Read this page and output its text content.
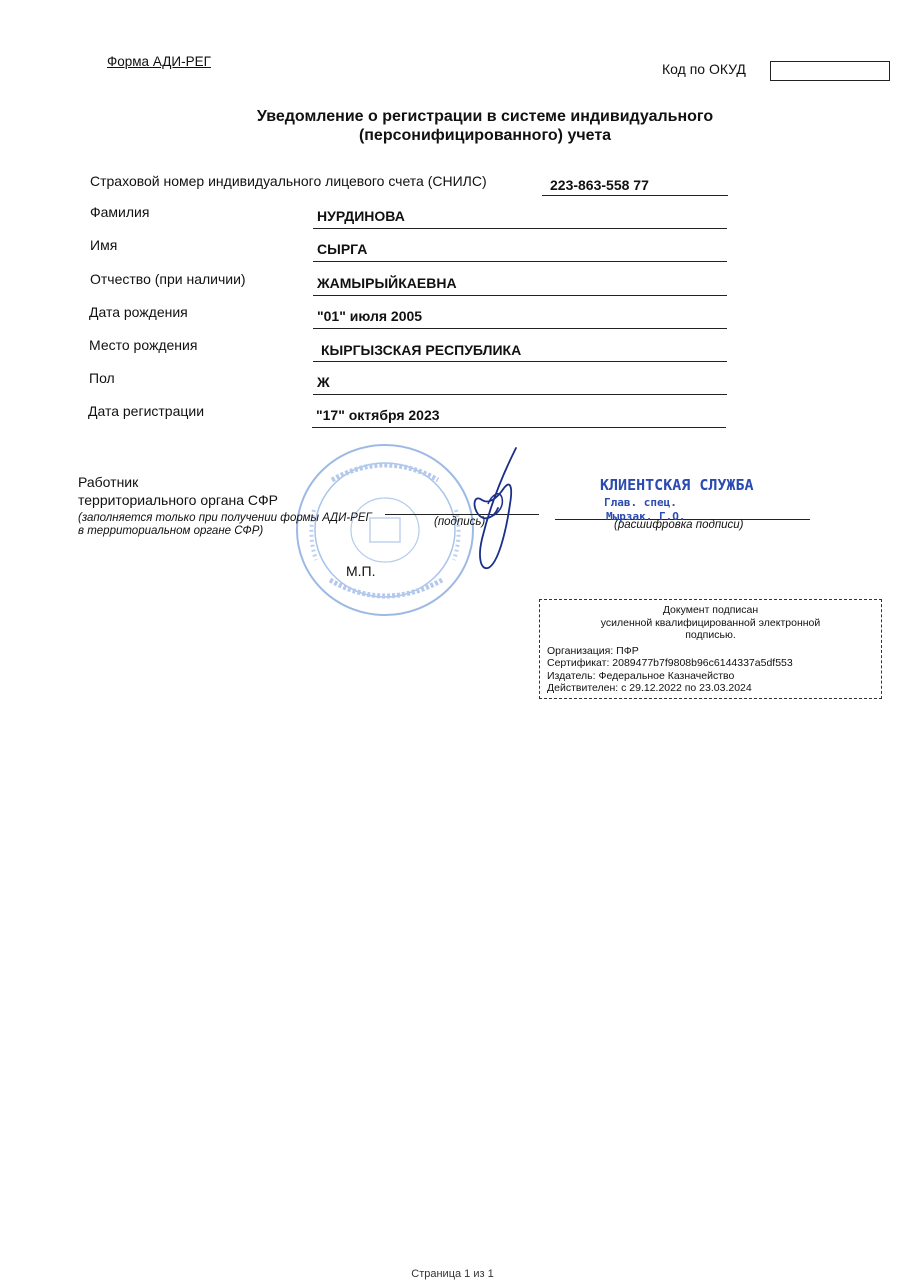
Форма АДИ-РЕГ	Код по ОКУД
Уведомление о регистрации в системе индивидуального
(персонифицированного) учета
Страховой номер индивидуального лицевого счета (СНИЛС)	223-863-558 77
Фамилия	НУРДИНОВА
Имя	СЫРГА
Отчество (при наличии)	ЖАМЫРЫЙКАЕВНА
Дата рождения	"01" июля 2005
Место рождения	КЫРГЫЗСКАЯ РЕСПУБЛИКА
Пол	Ж
Дата регистрации	"17" октября 2023
Работник
территориального органа СФР
(заполняется только при получении формы АДИ-РЕГ в территориальном органе СФР)
(подпись)	(расшифровка подписи)
КЛИЕНТСКАЯ СЛУЖБА
Глав. спец.
Мырзак. Г.О.
М.П.
Документ подписан
усиленной квалифицированной электронной
подписью.
Организация: ПФР
Сертификат: 2089477b7f9808b96c6144337a5df553
Издатель: Федеральное Казначейство
Действителен: с 29.12.2022 по 23.03.2024
Страница 1 из 1
